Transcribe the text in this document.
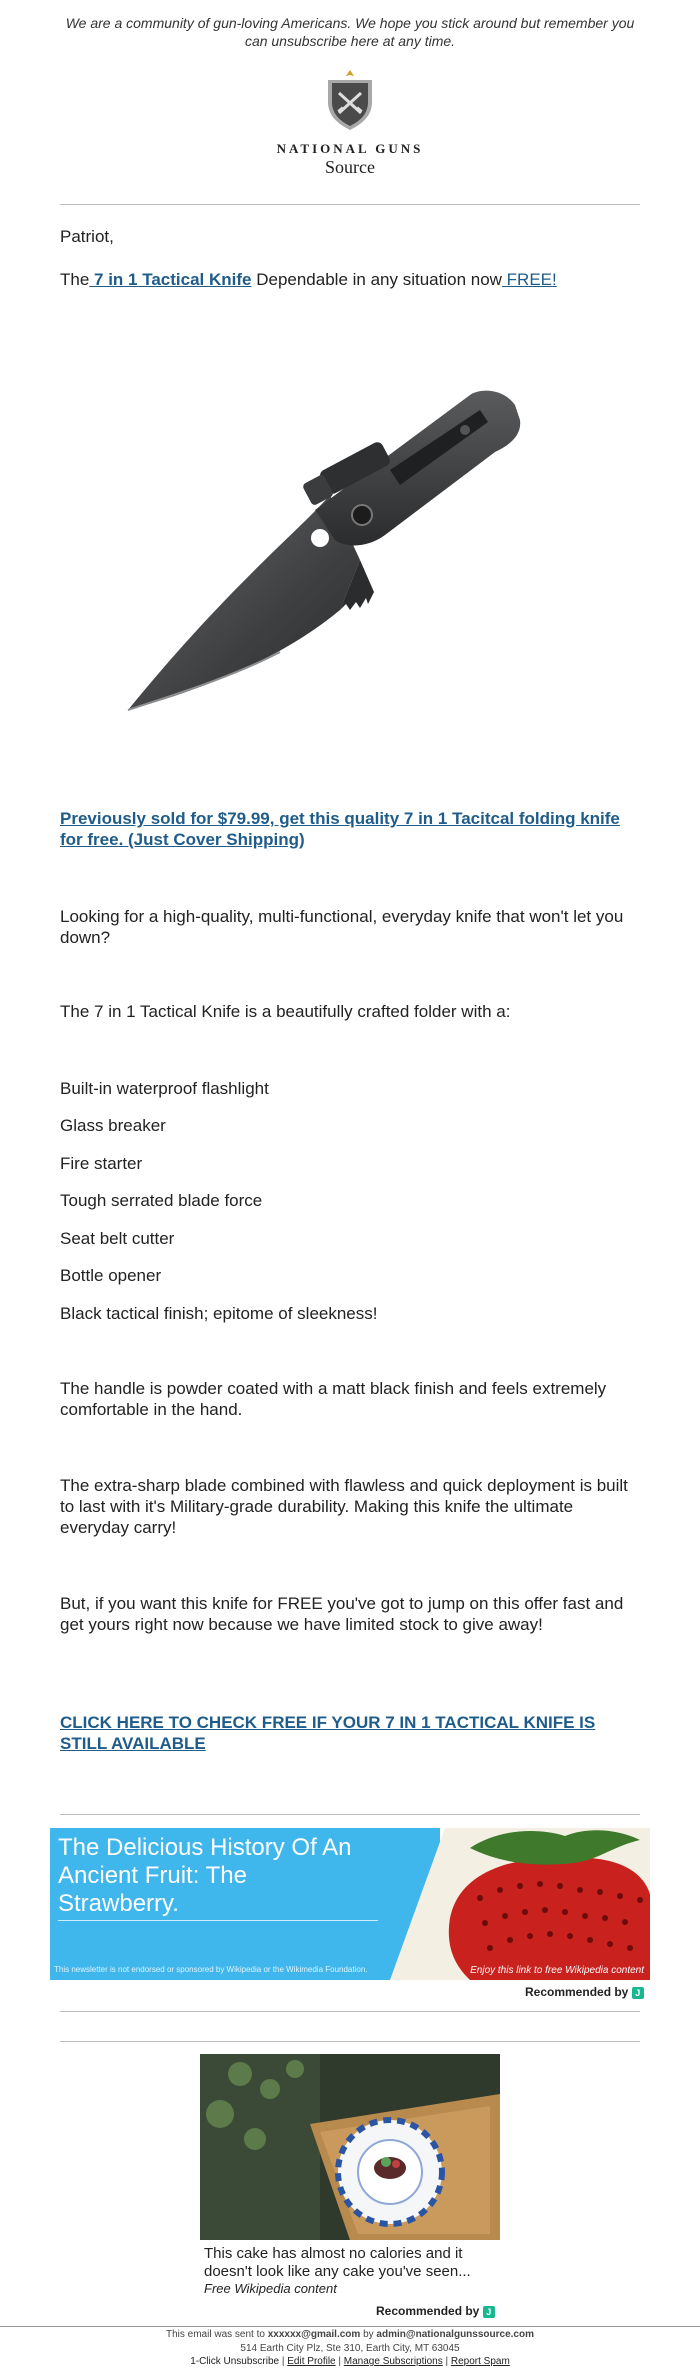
We are a community of gun-loving Americans. We hope you stick around but remember you can unsubscribe here at any time.
NATIONAL GUNS
Source

Patriot,

The 7 in 1 Tactical Knife Dependable in any situation now FREE!

Previously sold for $79.99, get this quality 7 in 1 Tacitcal folding knife for free. (Just Cover Shipping)

Looking for a high-quality, multi-functional, everyday knife that won't let you down?

The 7 in 1 Tactical Knife is a beautifully crafted folder with a:

Built-in waterproof flashlight

Glass breaker

Fire starter

Tough serrated blade force

Seat belt cutter

Bottle opener

Black tactical finish; epitome of sleekness!

The handle is powder coated with a matt black finish and feels extremely comfortable in the hand.

The extra-sharp blade combined with flawless and quick deployment is built to last with it's Military-grade durability. Making this knife the ultimate everyday carry!

But, if you want this knife for FREE you've got to jump on this offer fast and get yours right now because we have limited stock to give away!

CLICK HERE TO CHECK FREE IF YOUR 7 IN 1 TACTICAL KNIFE IS STILL AVAILABLE
The Delicious History Of An Ancient Fruit: The Strawberry.
This newsletter is not endorsed or sponsored by Wikipedia or the Wikimedia Foundation.	Enjoy this link to free Wikipedia content
Recommended by J
This cake has almost no calories and it doesn't look like any cake you've seen...
Free Wikipedia content
Recommended by J
This email was sent to xxxxxx@gmail.com by admin@nationalgunssource.com
514 Earth City Plz, Ste 310, Earth City, MT 63045
1-Click Unsubscribe | Edit Profile | Manage Subscriptions | Report Spam
